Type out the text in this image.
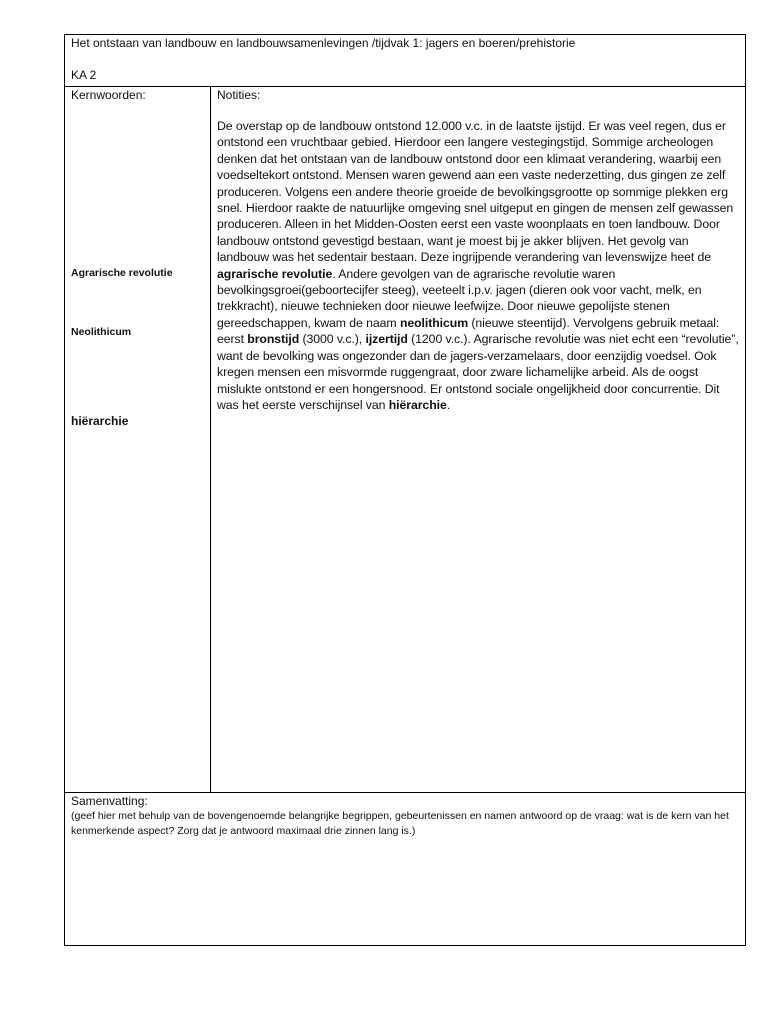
Het ontstaan van landbouw en landbouwsamenlevingen /tijdvak 1: jagers en boeren/prehistorie
KA 2
Kernwoorden:
Agrarische revolutie
Neolithicum
hiërarchie
Notities:
De overstap op de landbouw ontstond 12.000 v.c. in de laatste ijstijd. Er was veel regen, dus er ontstond een vruchtbaar gebied. Hierdoor een langere vestegingstijd. Sommige archeologen denken dat het ontstaan van de landbouw ontstond door een klimaat verandering, waarbij een voedseltekort ontstond. Mensen waren gewend aan een vaste nederzetting, dus gingen ze zelf produceren. Volgens een andere theorie groeide de bevolkingsgrootte op sommige plekken erg snel. Hierdoor raakte de natuurlijke omgeving snel uitgeput en gingen de mensen zelf gewassen produceren. Alleen in het Midden-Oosten eerst een vaste woonplaats en toen landbouw. Door landbouw ontstond gevestigd bestaan, want je moest bij je akker blijven. Het gevolg van landbouw was het sedentair bestaan. Deze ingrijpende verandering van levenswijze heet de agrarische revolutie. Andere gevolgen van de agrarische revolutie waren bevolkingsgroei(geboortecijfer steeg), veeteelt i.p.v. jagen (dieren ook voor vacht, melk, en trekkracht), nieuwe technieken door nieuwe leefwijze. Door nieuwe gepolijste stenen gereedschappen, kwam de naam neolithicum (nieuwe steentijd). Vervolgens gebruik metaal: eerst bronstijd (3000 v.c.), ijzertijd (1200 v.c.). Agrarische revolutie was niet echt een “revolutie”, want de bevolking was ongezonder dan de jagers-verzamelaars, door eenzijdig voedsel. Ook kregen mensen een misvormde ruggengraat, door zware lichamelijke arbeid. Als de oogst mislukte ontstond er een hongersnood. Er ontstond sociale ongelijkheid door concurrentie. Dit was het eerste verschijnsel van hiërarchie.
Samenvatting:
(geef hier met behulp van de bovengenoemde belangrijke begrippen, gebeurtenissen en namen antwoord op de vraag: wat is de kern van het kenmerkende aspect? Zorg dat je antwoord maximaal drie zinnen lang is.)
